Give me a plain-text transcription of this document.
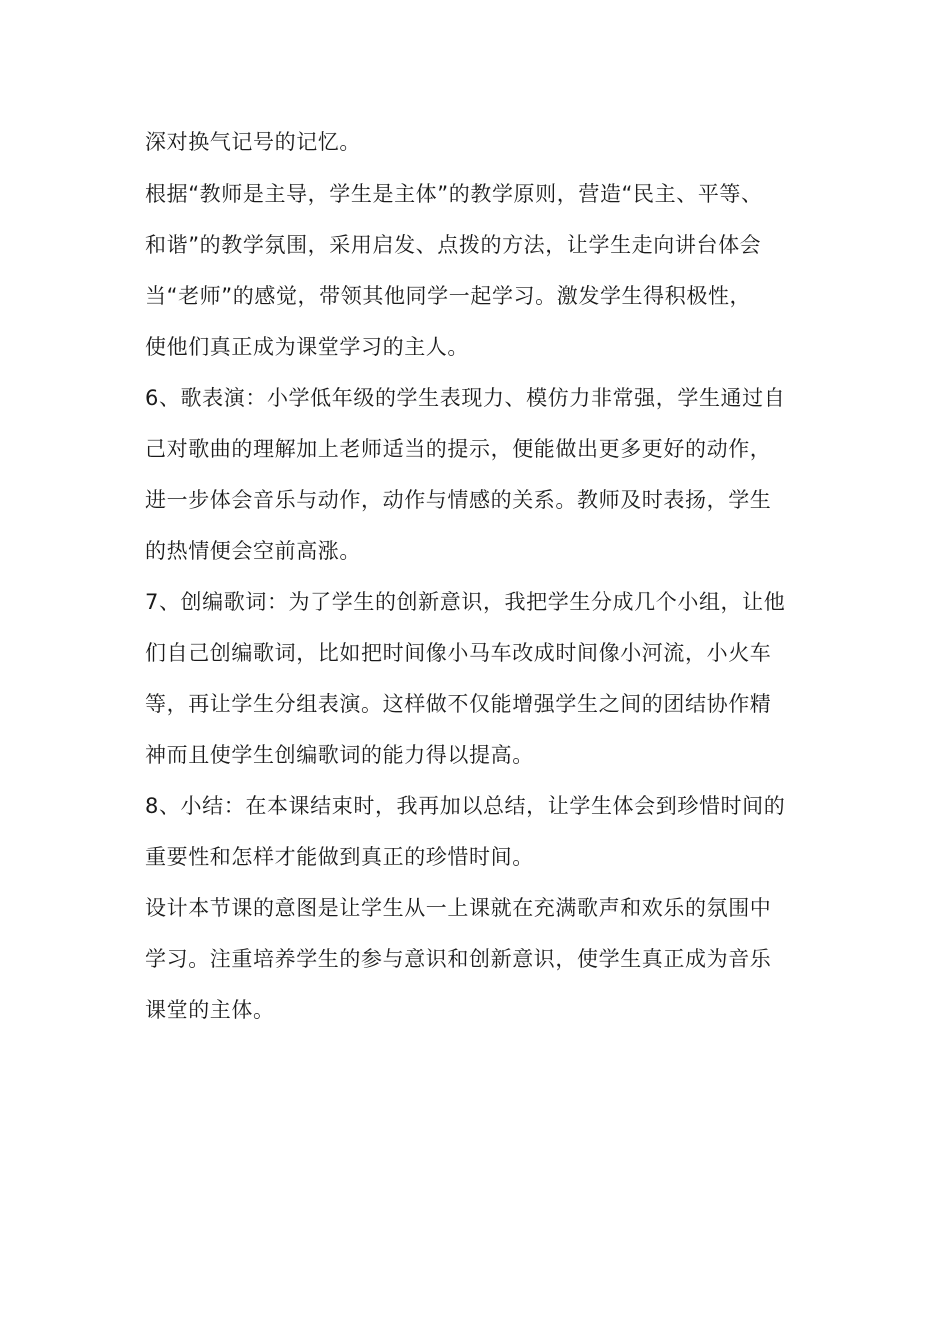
深对换气记号的记忆。
根据“教师是主导，学生是主体”的教学原则，营造“民主、平等、
和谐”的教学氛围，采用启发、点拨的方法，让学生走向讲台体会
当“老师”的感觉，带领其他同学一起学习。激发学生得积极性，
使他们真正成为课堂学习的主人。
6、歌表演：小学低年级的学生表现力、模仿力非常强，学生通过自
己对歌曲的理解加上老师适当的提示，便能做出更多更好的动作，
进一步体会音乐与动作，动作与情感的关系。教师及时表扬，学生
的热情便会空前高涨。
7、创编歌词：为了学生的创新意识，我把学生分成几个小组，让他
们自己创编歌词，比如把时间像小马车改成时间像小河流，小火车
等，再让学生分组表演。这样做不仅能增强学生之间的团结协作精
神而且使学生创编歌词的能力得以提高。
8、小结：在本课结束时，我再加以总结，让学生体会到珍惜时间的
重要性和怎样才能做到真正的珍惜时间。
设计本节课的意图是让学生从一上课就在充满歌声和欢乐的氛围中
学习。注重培养学生的参与意识和创新意识，使学生真正成为音乐
课堂的主体。
